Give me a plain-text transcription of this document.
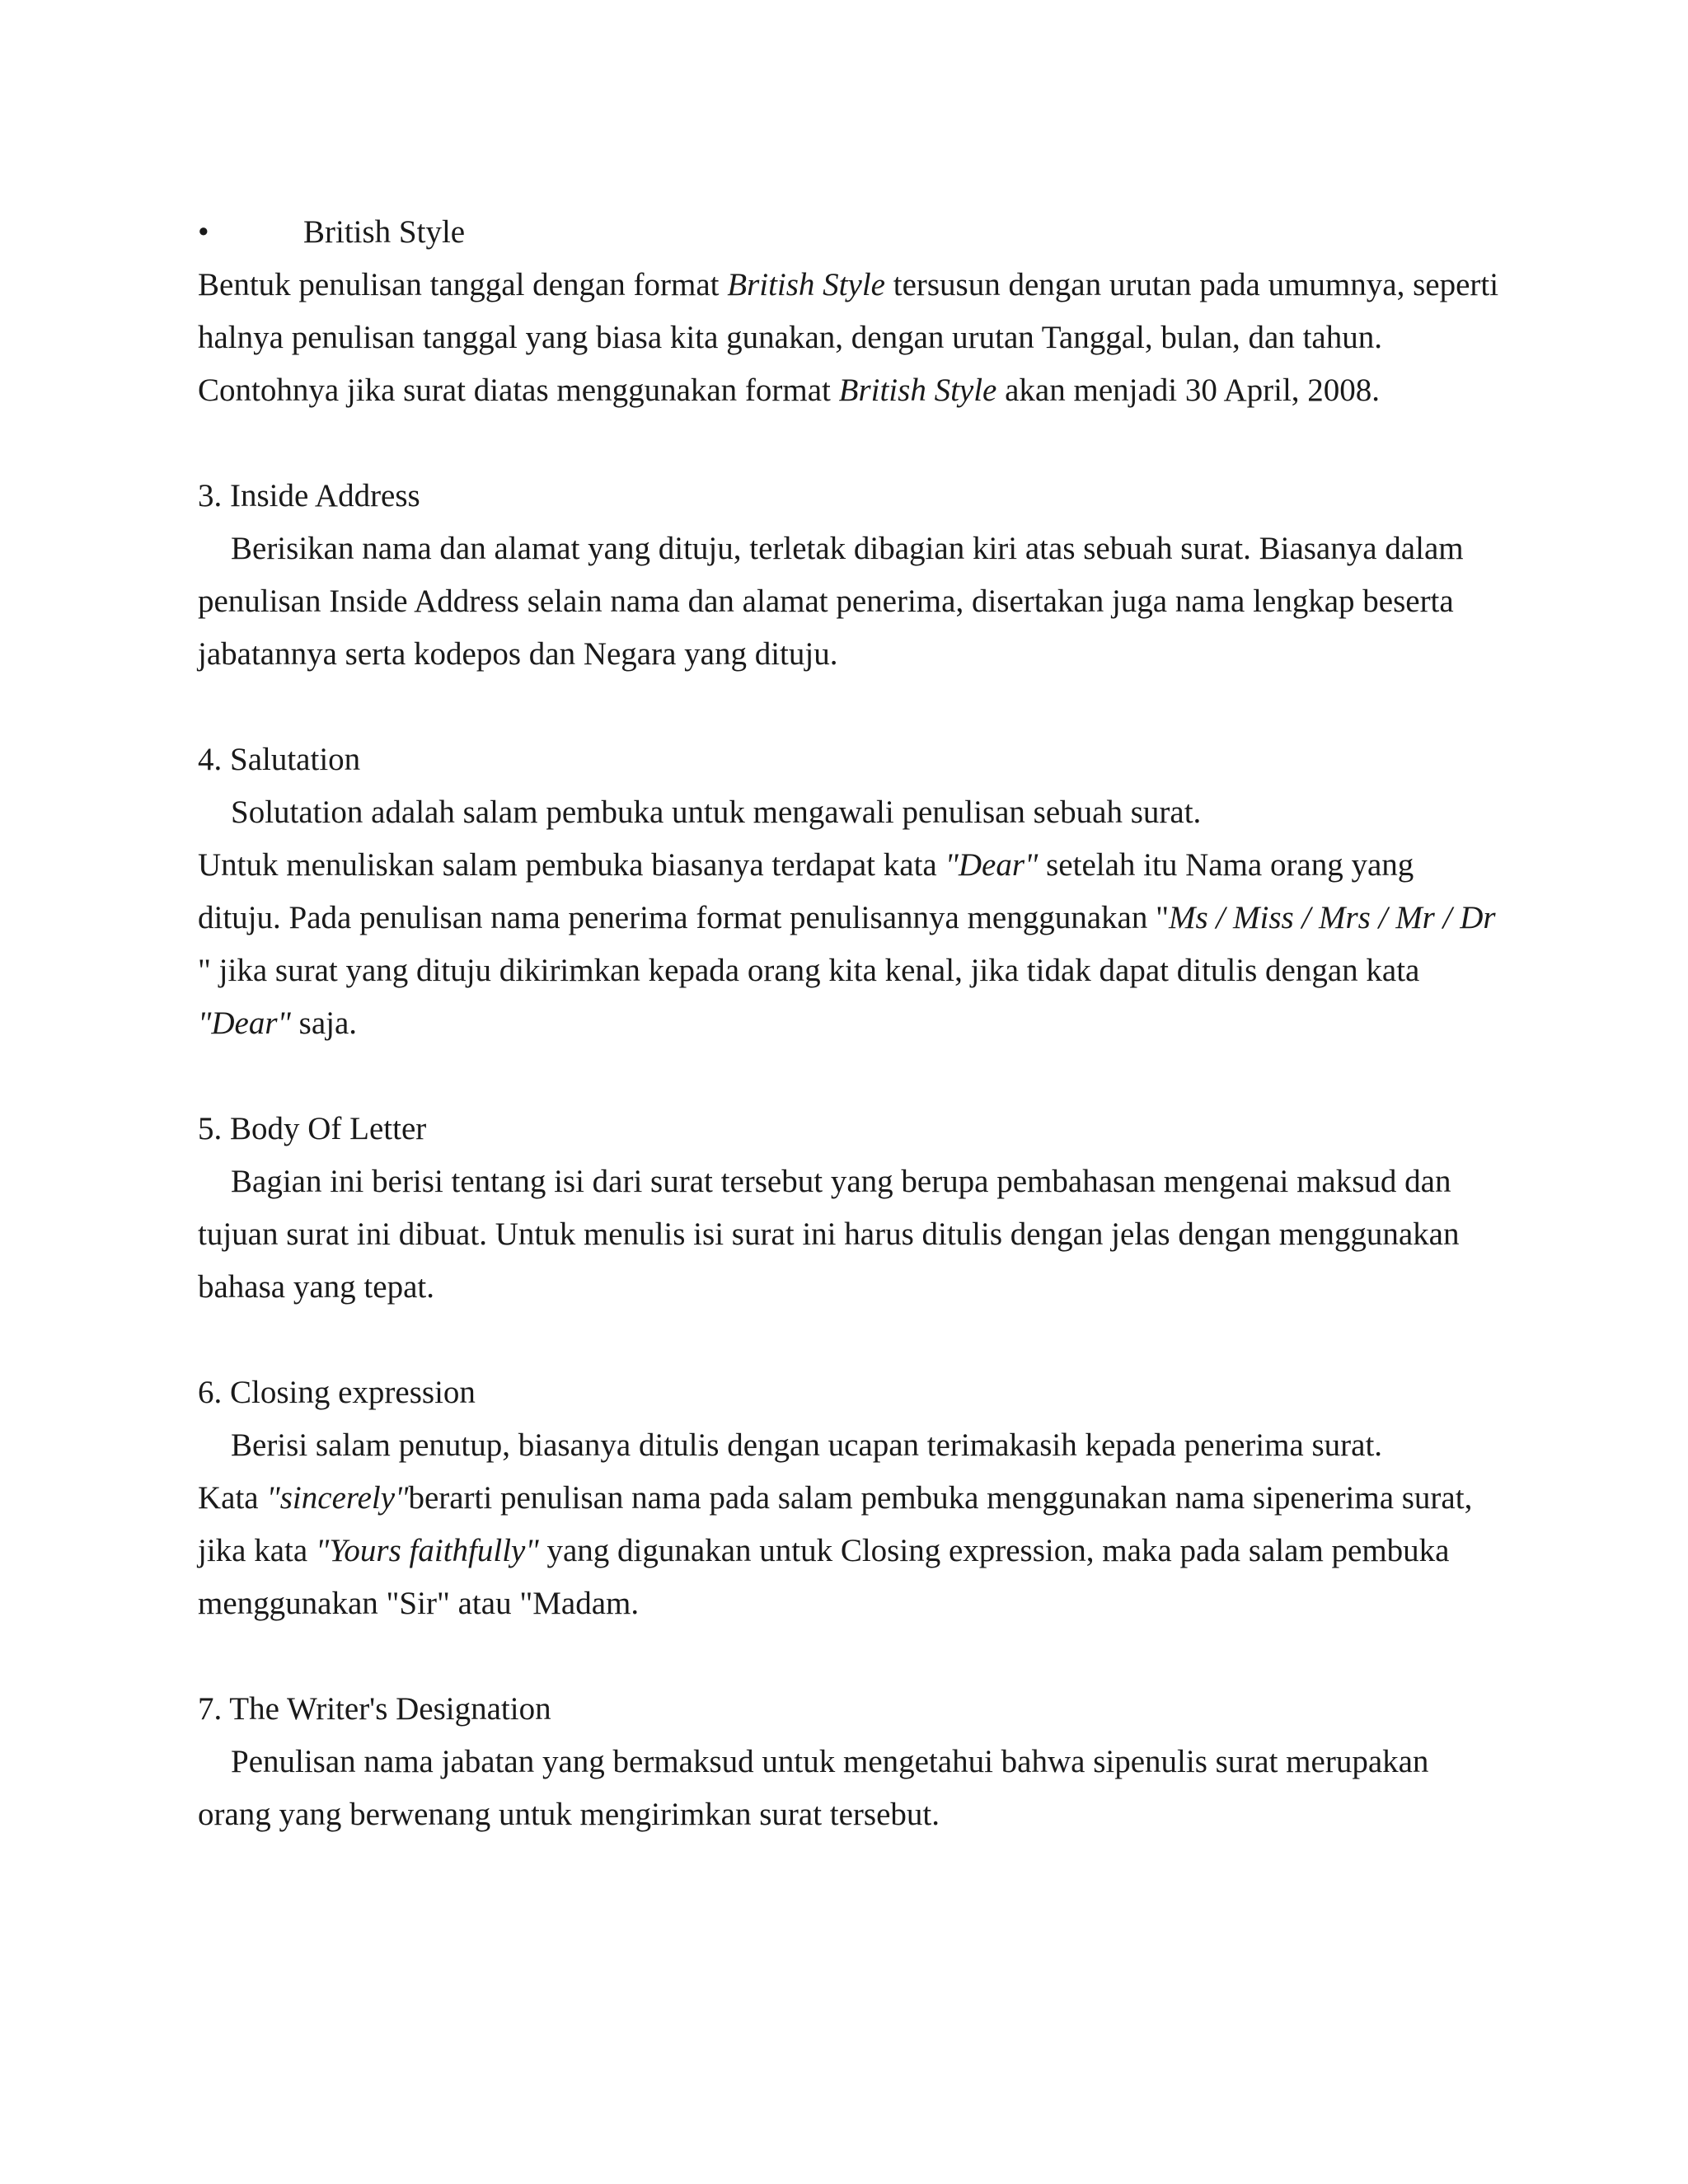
•	British Style

Bentuk penulisan tanggal dengan format British Style tersusun dengan urutan pada umumnya, seperti halnya penulisan tanggal yang biasa kita gunakan, dengan urutan Tanggal, bulan, dan tahun. Contohnya jika surat diatas menggunakan format British Style akan menjadi 30 April, 2008.

3. Inside Address

Berisikan nama dan alamat yang dituju, terletak dibagian kiri atas sebuah surat. Biasanya dalam penulisan Inside Address selain nama dan alamat penerima, disertakan juga nama lengkap beserta jabatannya serta kodepos dan Negara yang dituju.

4. Salutation

Solutation adalah salam pembuka untuk mengawali penulisan sebuah surat.

Untuk menuliskan salam pembuka biasanya terdapat kata "Dear" setelah itu Nama orang yang dituju. Pada penulisan nama penerima format penulisannya menggunakan "Ms / Miss / Mrs / Mr / Dr " jika surat yang dituju dikirimkan kepada orang kita kenal, jika tidak dapat ditulis dengan kata "Dear" saja.

5. Body Of Letter

Bagian ini berisi tentang isi dari surat tersebut yang berupa pembahasan mengenai maksud dan tujuan surat ini dibuat. Untuk menulis isi surat ini harus ditulis dengan jelas dengan menggunakan bahasa yang tepat.

6. Closing expression

Berisi salam penutup, biasanya ditulis dengan ucapan terimakasih kepada penerima surat.

Kata "sincerely"berarti penulisan nama pada salam pembuka menggunakan nama sipenerima surat, jika kata "Yours faithfully" yang digunakan untuk Closing expression, maka pada salam pembuka menggunakan "Sir" atau "Madam.

7. The Writer's Designation

Penulisan nama jabatan yang bermaksud untuk mengetahui bahwa sipenulis surat merupakan orang yang berwenang untuk mengirimkan surat tersebut.
